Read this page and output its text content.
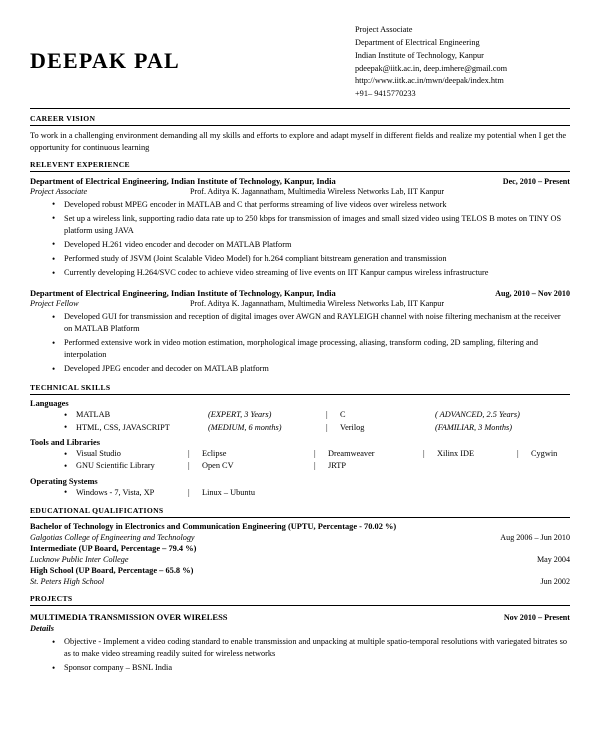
DEEPAK PAL
Project Associate
Department of Electrical Engineering
Indian Institute of Technology, Kanpur
pdeepak@iitk.ac.in, deep.imhere@gmail.com
http://www.iitk.ac.in/mwn/deepak/index.htm
+91– 9415770233
CAREER VISION

To work in a challenging environment demanding all my skills and efforts to explore and adapt myself in different fields and realize my potential when I get the opportunity for continuous learning

RELEVENT EXPERIENCE
Department of Electrical Engineering, Indian Institute of Technology, Kanpur, India	Dec, 2010 – Present
Project Associate	Prof. Aditya K. Jagannatham, Multimedia Wireless Networks Lab, IIT Kanpur
• Developed robust MPEG encoder in MATLAB and C that performs streaming of live videos over wireless network
• Set up a wireless link, supporting radio data rate up to 250 kbps for transmission of images and small sized video using TELOS B motes on TINY OS platform using JAVA
• Developed H.261 video encoder and decoder on MATLAB Platform
• Performed study of JSVM (Joint Scalable Video Model) for h.264 compliant bitstream generation and transmission
• Currently developing H.264/SVC codec to achieve video streaming of live events on IIT Kanpur campus wireless infrastructure
Department of Electrical Engineering, Indian Institute of Technology, Kanpur, India	Aug, 2010 – Nov 2010
Project Fellow	Prof. Aditya K. Jagannatham, Multimedia Wireless Networks Lab, IIT Kanpur
• Developed GUI for transmission and reception of digital images over AWGN and RAYLEIGH channel with noise filtering mechanism at the receiver on MATLAB Platform
• Performed extensive work in video motion estimation, morphological image processing, aliasing, transform coding, 2D sampling, filtering and interpolation
• Developed JPEG encoder and decoder on MATLAB platform
TECHNICAL SKILLS
Languages
• MATLAB	(EXPERT, 3 Years)	|	C	( ADVANCED, 2.5 Years)
• HTML, CSS, JAVASCRIPT	(MEDIUM, 6 months)	|	Verilog	(FAMILIAR, 3 Months)
Tools and Libraries
• Visual Studio	|	Eclipse	|	Dreamweaver	|	Xilinx IDE	|	Cygwin
• GNU Scientific Library	|	Open CV	|	JRTP
Operating Systems
• Windows - 7, Vista, XP	|	Linux – Ubuntu
EDUCATIONAL QUALIFICATIONS
Bachelor of Technology in Electronics and Communication Engineering (UPTU, Percentage - 70.02 %)
Galgotias College of Engineering and Technology	Aug 2006 – Jun 2010
Intermediate (UP Board, Percentage – 79.4 %)
Lucknow Public Inter College	May 2004
High School (UP Board, Percentage – 65.8 %)
St. Peters High School	Jun 2002
PROJECTS
MULTIMEDIA TRANSMISSION OVER WIRELESS	Nov 2010 – Present
Details
• Objective - Implement a video coding standard to enable transmission and unpacking at multiple spatio-temporal resolutions with variegated bitrates so as to make video streaming readily suited for wireless networks
• Sponsor company – BSNL India
